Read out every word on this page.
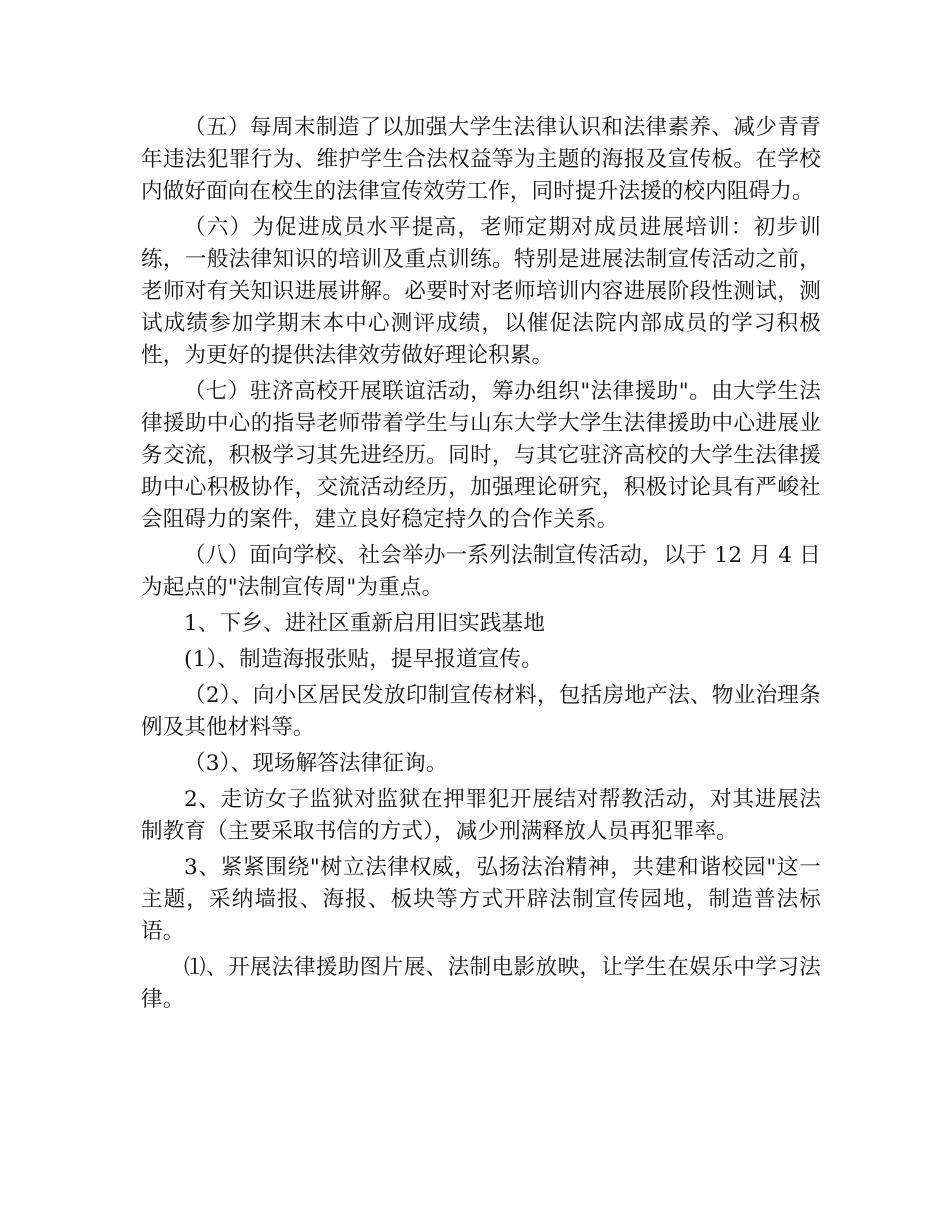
（五）每周末制造了以加强大学生法律认识和法律素养、减少青青年违法犯罪行为、维护学生合法权益等为主题的海报及宣传板。在学校内做好面向在校生的法律宣传效劳工作，同时提升法援的校内阻碍力。

（六）为促进成员水平提高，老师定期对成员进展培训：初步训练，一般法律知识的培训及重点训练。特别是进展法制宣传活动之前，老师对有关知识进展讲解。必要时对老师培训内容进展阶段性测试，测试成绩参加学期末本中心测评成绩，以催促法院内部成员的学习积极性，为更好的提供法律效劳做好理论积累。

（七）驻济高校开展联谊活动，筹办组织"法律援助"。由大学生法律援助中心的指导老师带着学生与山东大学大学生法律援助中心进展业务交流，积极学习其先进经历。同时，与其它驻济高校的大学生法律援助中心积极协作，交流活动经历，加强理论研究，积极讨论具有严峻社会阻碍力的案件，建立良好稳定持久的合作关系。

（八）面向学校、社会举办一系列法制宣传活动，以于 12 月 4 日为起点的"法制宣传周"为重点。

1、下乡、进社区重新启用旧实践基地

(1）、制造海报张贴，提早报道宣传。

（2）、向小区居民发放印制宣传材料，包括房地产法、物业治理条例及其他材料等。

（3）、现场解答法律征询。

2、走访女子监狱对监狱在押罪犯开展结对帮教活动，对其进展法制教育（主要采取书信的方式），减少刑满释放人员再犯罪率。

3、紧紧围绕"树立法律权威，弘扬法治精神，共建和谐校园"这一主题，采纳墙报、海报、板块等方式开辟法制宣传园地，制造普法标语。

⑴、开展法律援助图片展、法制电影放映，让学生在娱乐中学习法律。
